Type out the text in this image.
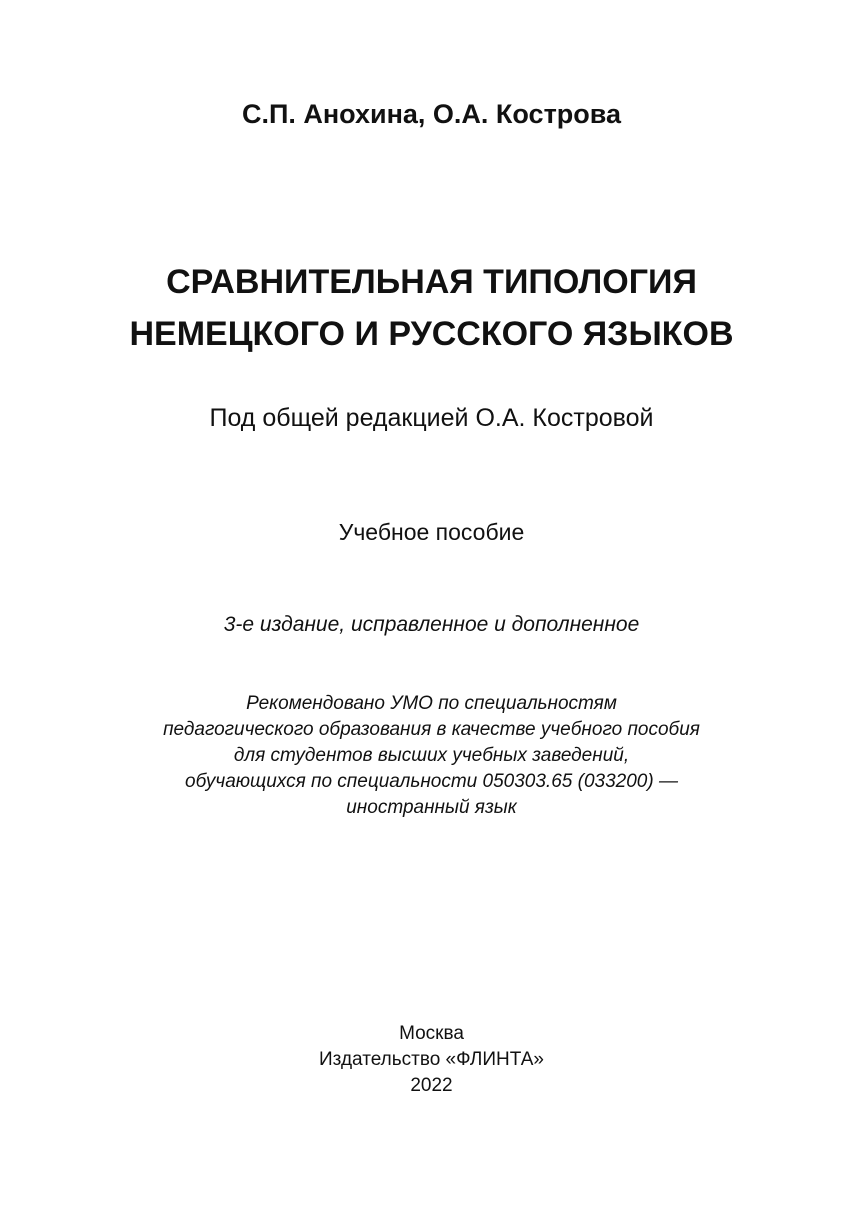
С.П. Анохина, О.А. Кострова
СРАВНИТЕЛЬНАЯ ТИПОЛОГИЯ
НЕМЕЦКОГО И РУССКОГО ЯЗЫКОВ
Под общей редакцией О.А. Костровой
Учебное пособие
3-е издание, исправленное и дополненное
Рекомендовано УМО по специальностям
педагогического образования в качестве учебного пособия
для студентов высших учебных заведений,
обучающихся по специальности 050303.65 (033200) —
иностранный язык
Москва
Издательство «ФЛИНТА»
2022
